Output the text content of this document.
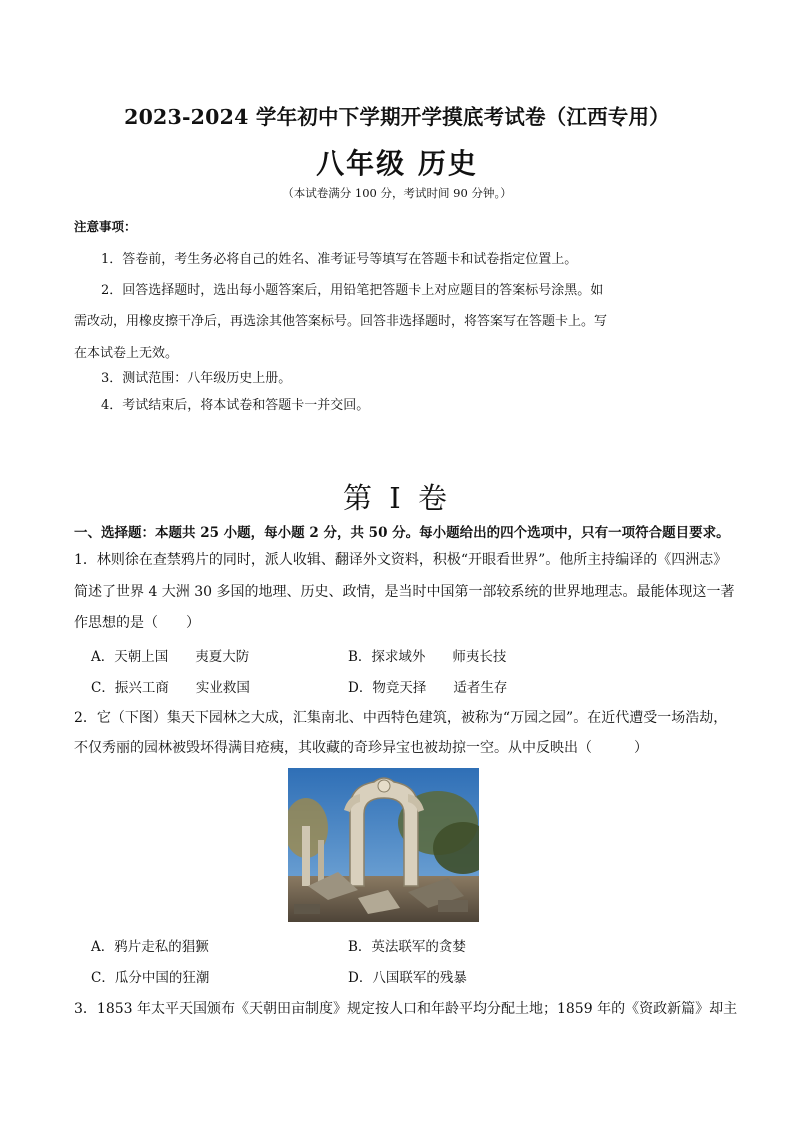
2023-2024 学年初中下学期开学摸底考试卷（江西专用）
八年级 历史
（本试卷满分 100 分，考试时间 90 分钟。）
注意事项：
1．答卷前，考生务必将自己的姓名、准考证号等填写在答题卡和试卷指定位置上。
2．回答选择题时，选出每小题答案后，用铅笔把答题卡上对应题目的答案标号涂黑。如
需改动，用橡皮擦干净后，再选涂其他答案标号。回答非选择题时，将答案写在答题卡上。写
在本试卷上无效。
3．测试范围：八年级历史上册。
4．考试结束后，将本试卷和答题卡一并交回。
第 I 卷
一、选择题：本题共 25 小题，每小题 2 分，共 50 分。每小题给出的四个选项中，只有一项符合题目要求。
1．林则徐在查禁鸦片的同时，派人收辑、翻译外文资料，积极“开眼看世界”。他所主持编译的《四洲志》
简述了世界 4 大洲 30 多国的地理、历史、政情，是当时中国第一部较系统的世界地理志。最能体现这一著
作思想的是（　　）
A．天朝上国　　夷夏大防	B．探求域外　　师夷长技
C．振兴工商　　实业救国	D．物竞天择　　适者生存
2．它（下图）集天下园林之大成，汇集南北、中西特色建筑，被称为“万园之园”。在近代遭受一场浩劫，
不仅秀丽的园林被毁坏得满目疮痍，其收藏的奇珍异宝也被劫掠一空。从中反映出（　　　）
A．鸦片走私的猖獗	B．英法联军的贪婪
C．瓜分中国的狂潮	D．八国联军的残暴
3．1853 年太平天国颁布《天朝田亩制度》规定按人口和年龄平均分配土地；1859 年的《资政新篇》却主
